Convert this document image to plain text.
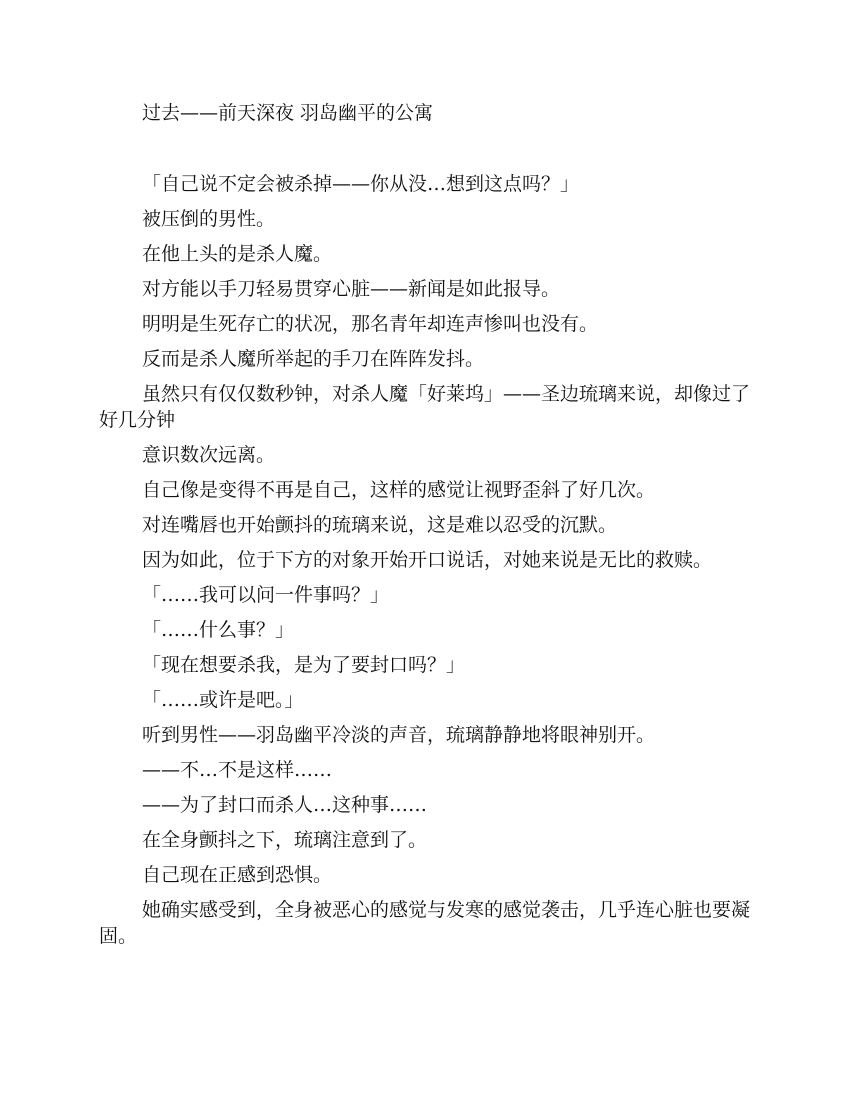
过去——前天深夜 羽岛幽平的公寓

「自己说不定会被杀掉——你从没…想到这点吗？」

被压倒的男性。

在他上头的是杀人魔。

对方能以手刀轻易贯穿心脏——新闻是如此报导。

明明是生死存亡的状况，那名青年却连声惨叫也没有。

反而是杀人魔所举起的手刀在阵阵发抖。

虽然只有仅仅数秒钟，对杀人魔「好莱坞」——圣边琉璃来说，却像过了好几分钟

意识数次远离。

自己像是变得不再是自己，这样的感觉让视野歪斜了好几次。

对连嘴唇也开始颤抖的琉璃来说，这是难以忍受的沉默。

因为如此，位于下方的对象开始开口说话，对她来说是无比的救赎。

「……我可以问一件事吗？」

「……什么事？」

「现在想要杀我，是为了要封口吗？」

「……或许是吧。」

听到男性——羽岛幽平冷淡的声音，琉璃静静地将眼神别开。

——不…不是这样……

——为了封口而杀人…这种事……

在全身颤抖之下，琉璃注意到了。

自己现在正感到恐惧。

她确实感受到，全身被恶心的感觉与发寒的感觉袭击，几乎连心脏也要凝固。
